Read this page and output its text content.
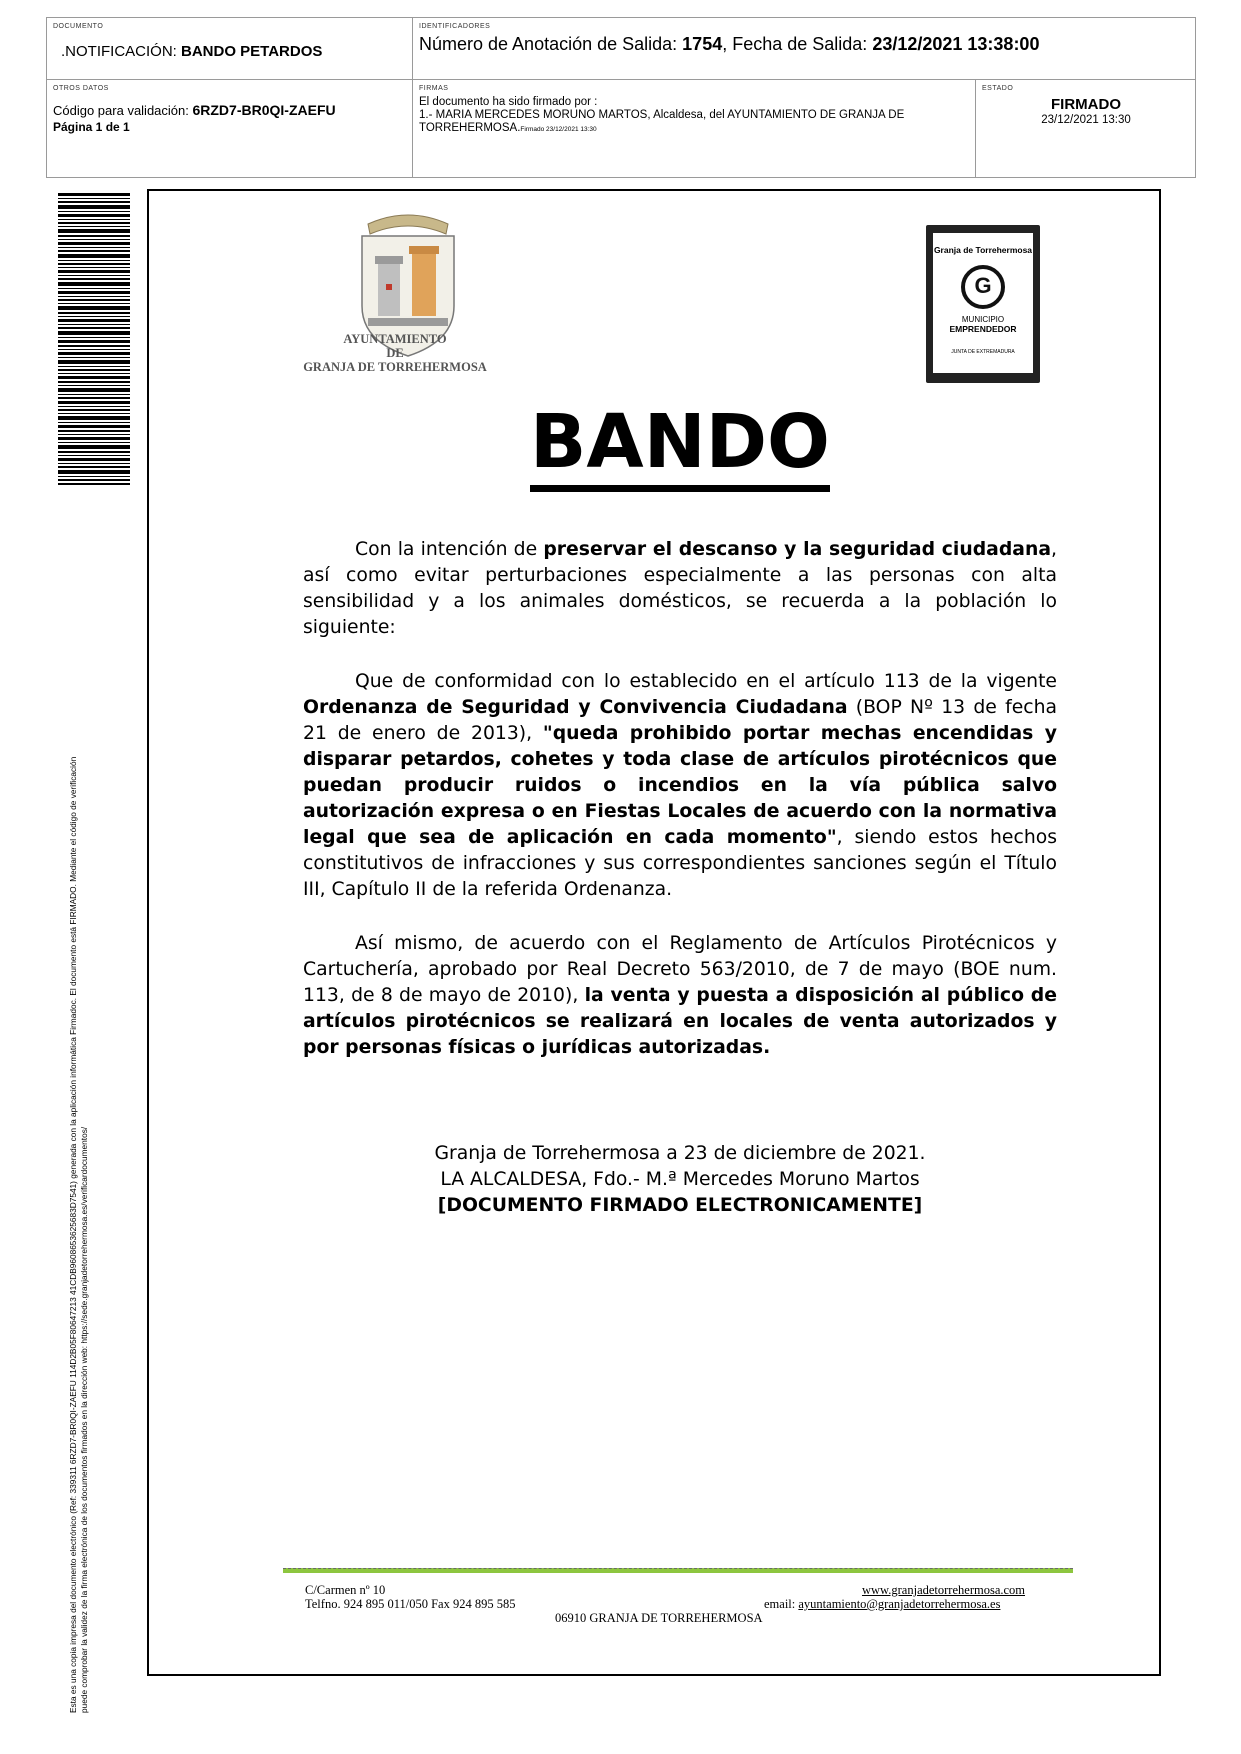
DOCUMENTO
.NOTIFICACIÓN: BANDO PETARDOS
IDENTIFICADORES
Número de Anotación de Salida: 1754, Fecha de Salida: 23/12/2021 13:38:00
OTROS DATOS
Código para validación: 6RZD7-BR0QI-ZAEFU
Página 1 de 1
FIRMAS
El documento ha sido firmado por :
1.- MARIA MERCEDES MORUNO MARTOS, Alcaldesa, del AYUNTAMIENTO DE GRANJA DE TORREHERMOSA.Firmado 23/12/2021 13:30
ESTADO
FIRMADO
23/12/2021 13:30
Esta es una copia impresa del documento electrónico (Ref: 339311 6RZD7-BR0QI-ZAEFU 114D2B05F80647213 41CDB9608653625683D7541) generada con la aplicación informática Firmadoc. El documento está FIRMADO. Mediante el código de verificación puede comprobar la validez de la firma electrónica de los documentos firmados en la dirección web: https://sede.granjadetorrehermosa.es/verificardocumentos/
AYUNTAMIENTO
DE
GRANJA DE TORREHERMOSA
Granja de Torrehermosa
G
MUNICIPIO
EMPRENDEDOR
JUNTA DE EXTREMADURA
BANDO

Con la intención de preservar el descanso y la seguridad ciudadana, así como evitar perturbaciones especialmente a las personas con alta sensibilidad y a los animales domésticos, se recuerda a la población lo siguiente:

Que de conformidad con lo establecido en el artículo 113 de la vigente Ordenanza de Seguridad y Convivencia Ciudadana (BOP Nº 13 de fecha 21 de enero de 2013), "queda prohibido portar mechas encendidas y disparar petardos, cohetes y toda clase de artículos pirotécnicos que puedan producir ruidos o incendios en la vía pública salvo autorización expresa o en Fiestas Locales de acuerdo con la normativa legal que sea de aplicación en cada momento", siendo estos hechos constitutivos de infracciones y sus correspondientes sanciones según el Título III, Capítulo II de la referida Ordenanza.

Así mismo, de acuerdo con el Reglamento de Artículos Pirotécnicos y Cartuchería, aprobado por Real Decreto 563/2010, de 7 de mayo (BOE num. 113, de 8 de mayo de 2010), la venta y puesta a disposición al público de artículos pirotécnicos se realizará en locales de venta autorizados y por personas físicas o jurídicas autorizadas.

Granja de Torrehermosa a 23 de diciembre de 2021.
LA ALCALDESA, Fdo.- M.ª Mercedes Moruno Martos
[DOCUMENTO FIRMADO ELECTRONICAMENTE]
C/Carmen nº 10
Telfno. 924 895 011/050 Fax 924 895 585
www.granjadetorrehermosa.com
email: ayuntamiento@granjadetorrehermosa.es
06910 GRANJA DE TORREHERMOSA
